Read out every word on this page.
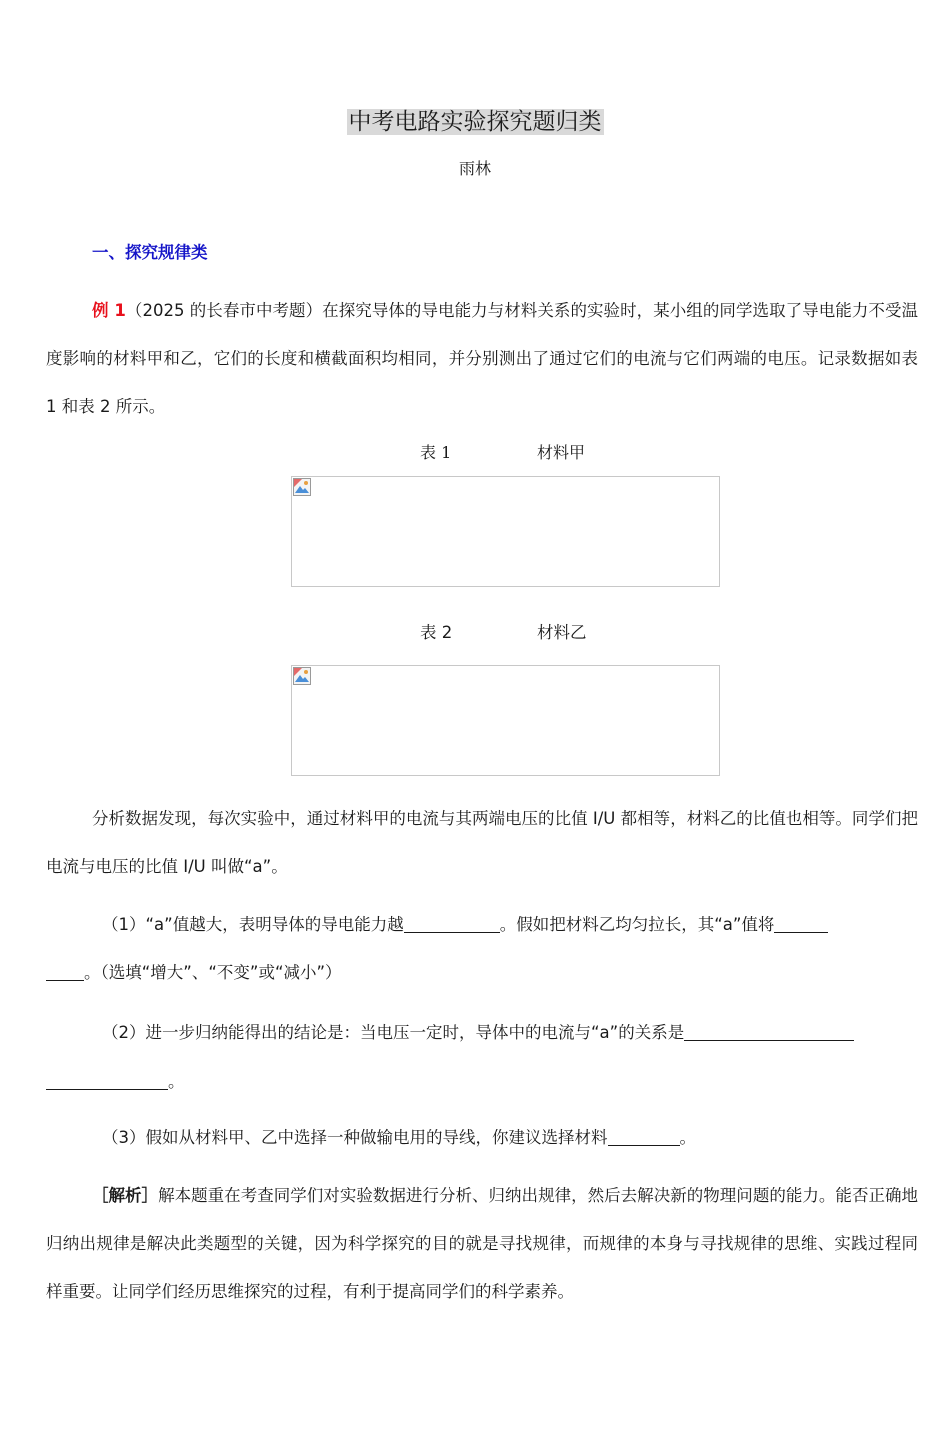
中考电路实验探究题归类
雨林
一、探究规律类

例 1（2025 的长春市中考题）在探究导体的导电能力与材料关系的实验时，某小组的同学选取了导电能力不受温度影响的材料甲和乙，它们的长度和横截面积均相同，并分别测出了通过它们的电流与它们两端的电压。记录数据如表 1 和表 2 所示。

表 1	材料甲
表 2	材料乙

分析数据发现，每次实验中，通过材料甲的电流与其两端电压的比值 I/U 都相等，材料乙的比值也相等。同学们把电流与电压的比值 I/U 叫做“a”。

（1）“a”值越大，表明导体的导电能力越	。假如把材料乙均匀拉长，其“a”值将
。（选填“增大”、“不变”或“减小”）
（2）进一步归纳能得出的结论是：当电压一定时，导体中的电流与“a”的关系是
。
（3）假如从材料甲、乙中选择一种做输电用的导线，你建议选择材料	。

［解析］解本题重在考查同学们对实验数据进行分析、归纳出规律，然后去解决新的物理问题的能力。能否正确地归纳出规律是解决此类题型的关键，因为科学探究的目的就是寻找规律，而规律的本身与寻找规律的思维、实践过程同样重要。让同学们经历思维探究的过程，有利于提高同学们的科学素养。
